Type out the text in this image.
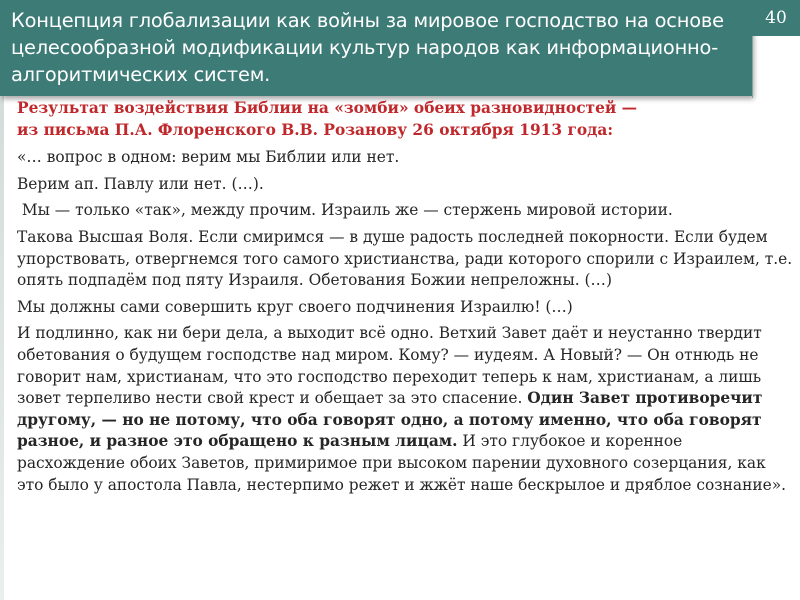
Концепция глобализации как войны за мировое господство на основе целесообразной модификации культур народов как информационно-алгоритмических систем.
40

Результат воздействия Библии на «зомби» обеих разновидностей —
из письма П.А. Флоренского В.В. Розанову 26 октября 1913 года:

«… вопрос в одном: верим мы Библии или нет.

Верим ап. Павлу или нет. (…).

Мы — только «так», между прочим. Израиль же — стержень мировой истории.

Такова Высшая Воля. Если смиримся — в душе радость последней покорности. Если будем упорствовать, отвергнемся того самого христианства, ради которого спорили с Израилем, т.е. опять подпадём под пяту Израиля. Обетования Божии непреложны. (…)

Мы должны сами совершить круг своего подчинения Израилю! (…)

И подлинно, как ни бери дела, а выходит всё одно. Ветхий Завет даёт и неустанно твердит обетования о будущем господстве над миром. Кому? — иудеям. А Новый? — Он отнюдь не говорит нам, христианам, что это господство переходит теперь к нам, христианам, а лишь зовет терпеливо нести свой крест и обещает за это спасение. Один Завет противоречит другому, — но не потому, что оба говорят одно, а потому именно, что оба говорят разное, и разное это обращено к разным лицам. И это глубокое и коренное расхождение обоих Заветов, примиримое при высоком парении духовного созерцания, как это было у апостола Павла, нестерпимо режет и жжёт наше бескрылое и дряблое сознание».
